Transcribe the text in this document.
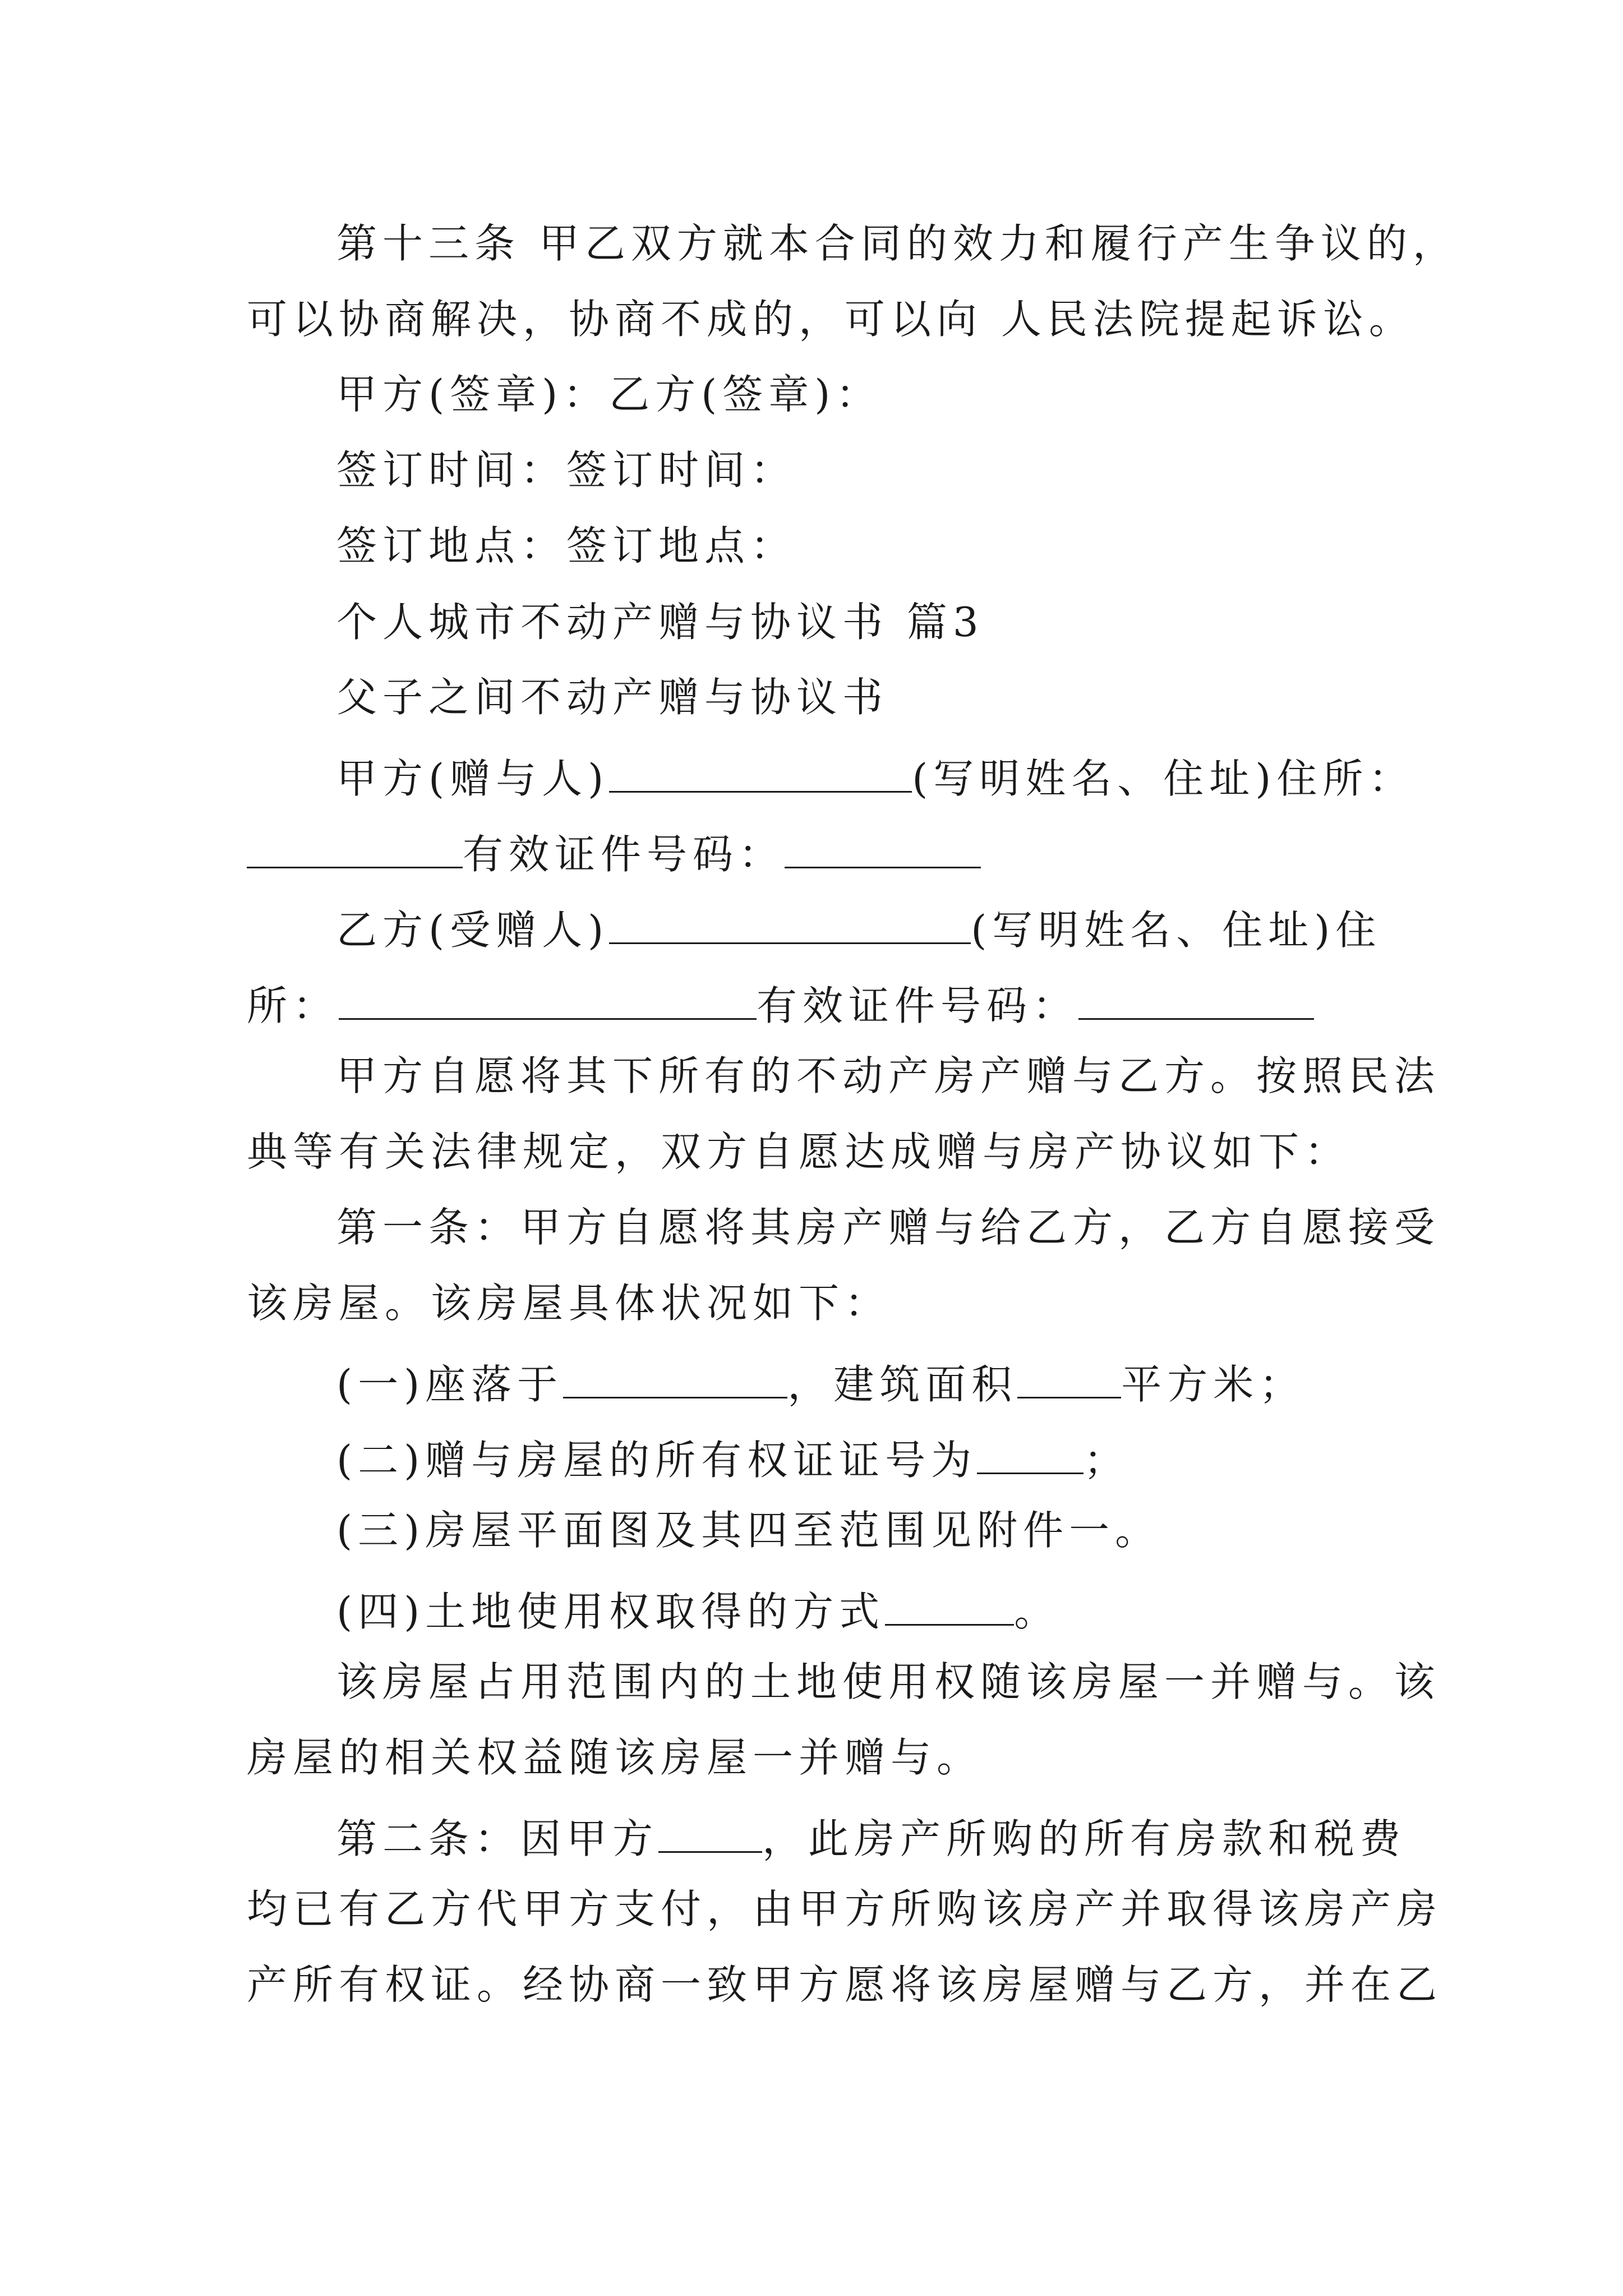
第十三条 甲乙双方就本合同的效力和履行产生争议的，
可以协商解决，协商不成的，可以向 人民法院提起诉讼。
甲方(签章)：乙方(签章)：
签订时间：签订时间：
签订地点：签订地点：
个人城市不动产赠与协议书 篇3
父子之间不动产赠与协议书
甲方(赠与人)	(写明姓名、住址)住所：
有效证件号码：
乙方(受赠人)	(写明姓名、住址)住
所：	有效证件号码：
甲方自愿将其下所有的不动产房产赠与乙方。按照民法
典等有关法律规定，双方自愿达成赠与房产协议如下：
第一条：甲方自愿将其房产赠与给乙方，乙方自愿接受
该房屋。该房屋具体状况如下：
(一)座落于	，建筑面积	平方米；
(二)赠与房屋的所有权证证号为	；
(三)房屋平面图及其四至范围见附件一。
(四)土地使用权取得的方式	。
该房屋占用范围内的土地使用权随该房屋一并赠与。该
房屋的相关权益随该房屋一并赠与。
第二条：因甲方	，此房产所购的所有房款和税费
均已有乙方代甲方支付，由甲方所购该房产并取得该房产房
产所有权证。经协商一致甲方愿将该房屋赠与乙方，并在乙
